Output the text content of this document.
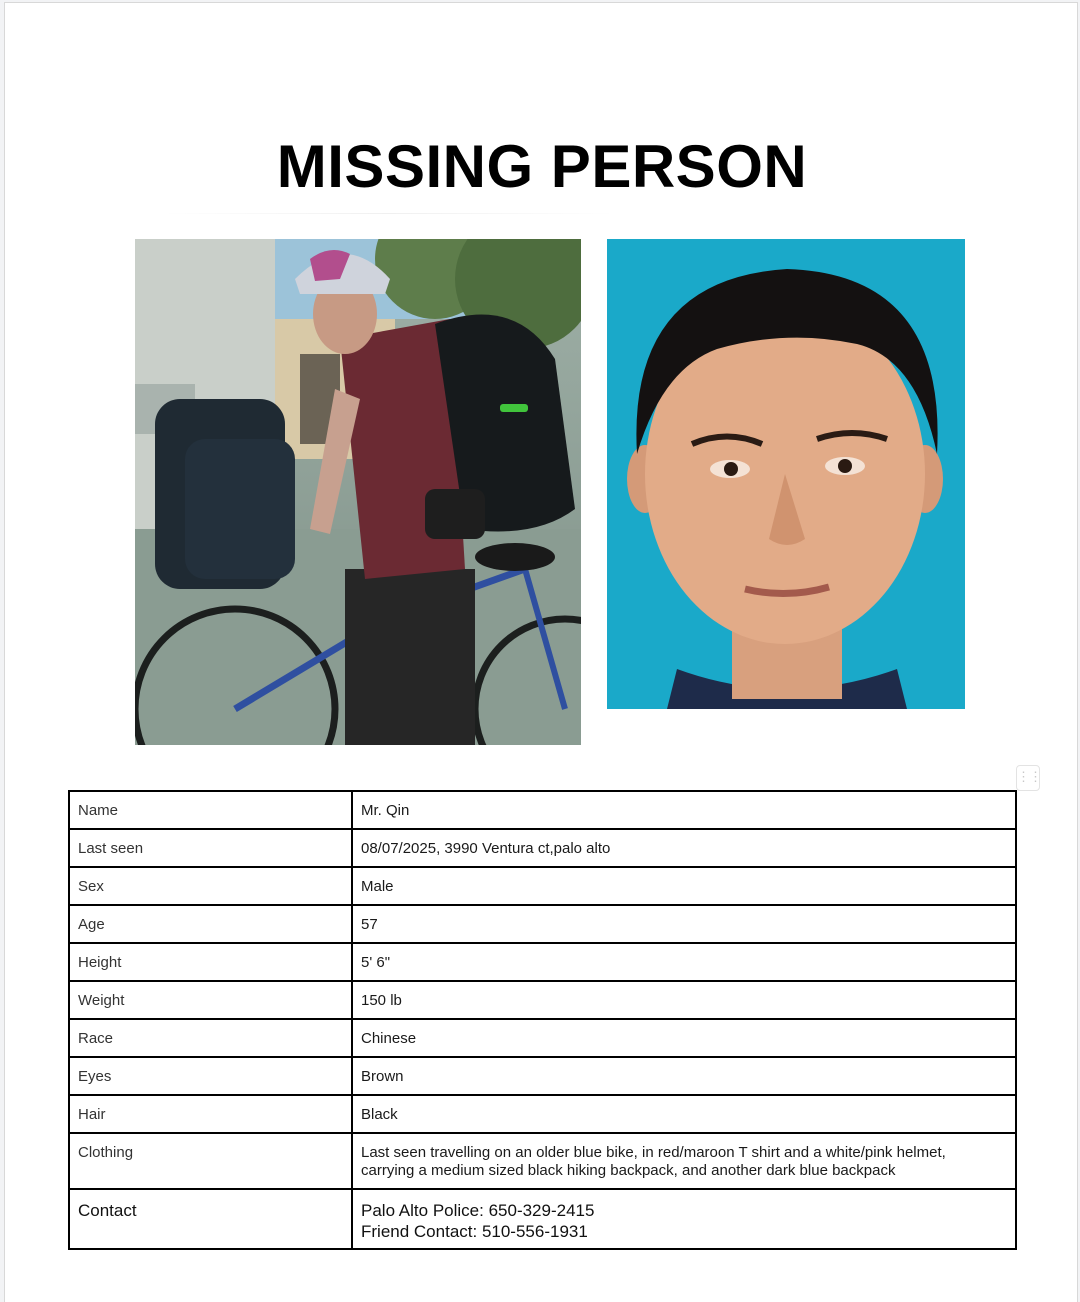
MISSING PERSON
⋮⋮
Name	Mr. Qin
Last seen	08/07/2025, 3990 Ventura ct,palo alto
Sex	Male
Age	57
Height	5' 6"
Weight	150 lb
Race	Chinese
Eyes	Brown
Hair	Black
Clothing	Last seen travelling on an older blue bike, in red/maroon T shirt and a white/pink helmet,
carrying a medium sized black hiking backpack, and another dark blue backpack

Contact	Palo Alto Police: 650-329-2415
Friend Contact: 510-556-1931
